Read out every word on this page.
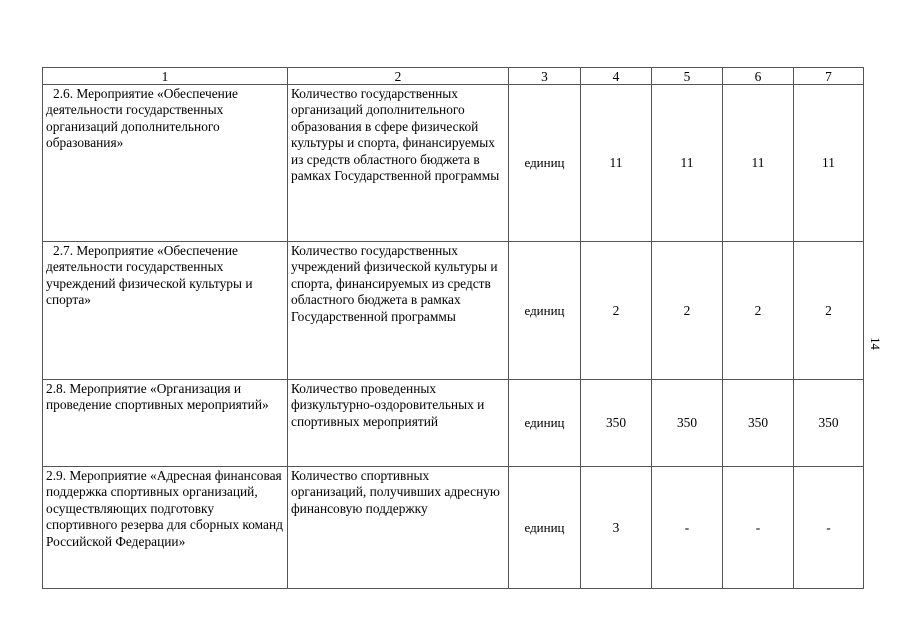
1	2	3	4	5	6	7
2.6. Мероприятие «Обеспечение деятельности государственных организаций дополнительного образования»	Количество государственных организаций дополнительного образования в сфере физической культуры и спорта, финансируемых из средств областного бюджета в рамках Государственной программы	единиц	11	11	11	11
2.7. Мероприятие «Обеспечение деятельности государственных учреждений физической культуры и спорта»	Количество государственных учреждений физической культуры и спорта, финансируемых из средств областного бюджета в рамках Государственной программы	единиц	2	2	2	2
2.8. Мероприятие «Организация и проведение спортивных мероприятий»	Количество проведенных физкультурно-оздоровительных и спортивных мероприятий	единиц	350	350	350	350
2.9. Мероприятие «Адресная финансовая поддержка спортивных организаций, осуществляющих подготовку спортивного резерва для сборных команд Российской Федерации»	Количество спортивных организаций, получивших адресную финансовую поддержку	единиц	3	-	-	-
14
